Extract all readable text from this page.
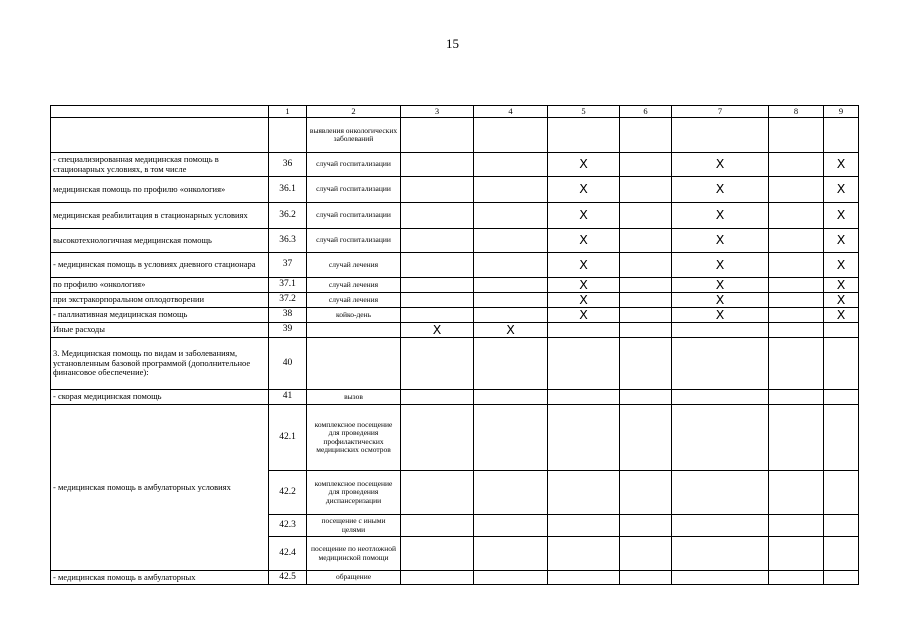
15
	1	2	3	4	5	6	7	8	9
		выявления онкологических заболеваний							
- специализированная медицинская помощь в стационарных условиях, в том числе	36	случай госпитализации			X		X		X
медицинская помощь по профилю «онкология»	36.1	случай госпитализации			X		X		X
медицинская реабилитация в стационарных условиях	36.2	случай госпитализации			X		X		X
высокотехнологичная медицинская помощь	36.3	случай госпитализации			X		X		X
- медицинская помощь в условиях дневного стационара	37	случай лечения			X		X		X
по профилю «онкология»	37.1	случай лечения			X		X		X
при экстракорпоральном оплодотворении	37.2	случай лечения			X		X		X
- паллиативная медицинская помощь	38	койко-день			X		X		X
Иные расходы	39		X	X					
3. Медицинская помощь по видам и заболеваниям, установленным базовой программой (дополнительное финансовое обеспечение):	40								
- скорая медицинская помощь	41	вызов							
- медицинская помощь в амбулаторных условиях	42.1	комплексное посещение для проведения профилактических медицинских осмотров							
	42.2	комплексное посещение для проведения диспансеризации							
	42.3	посещение с иными целями							
	42.4	посещение по неотложной медицинской помощи							
- медицинская помощь в амбулаторных	42.5	обращение							
